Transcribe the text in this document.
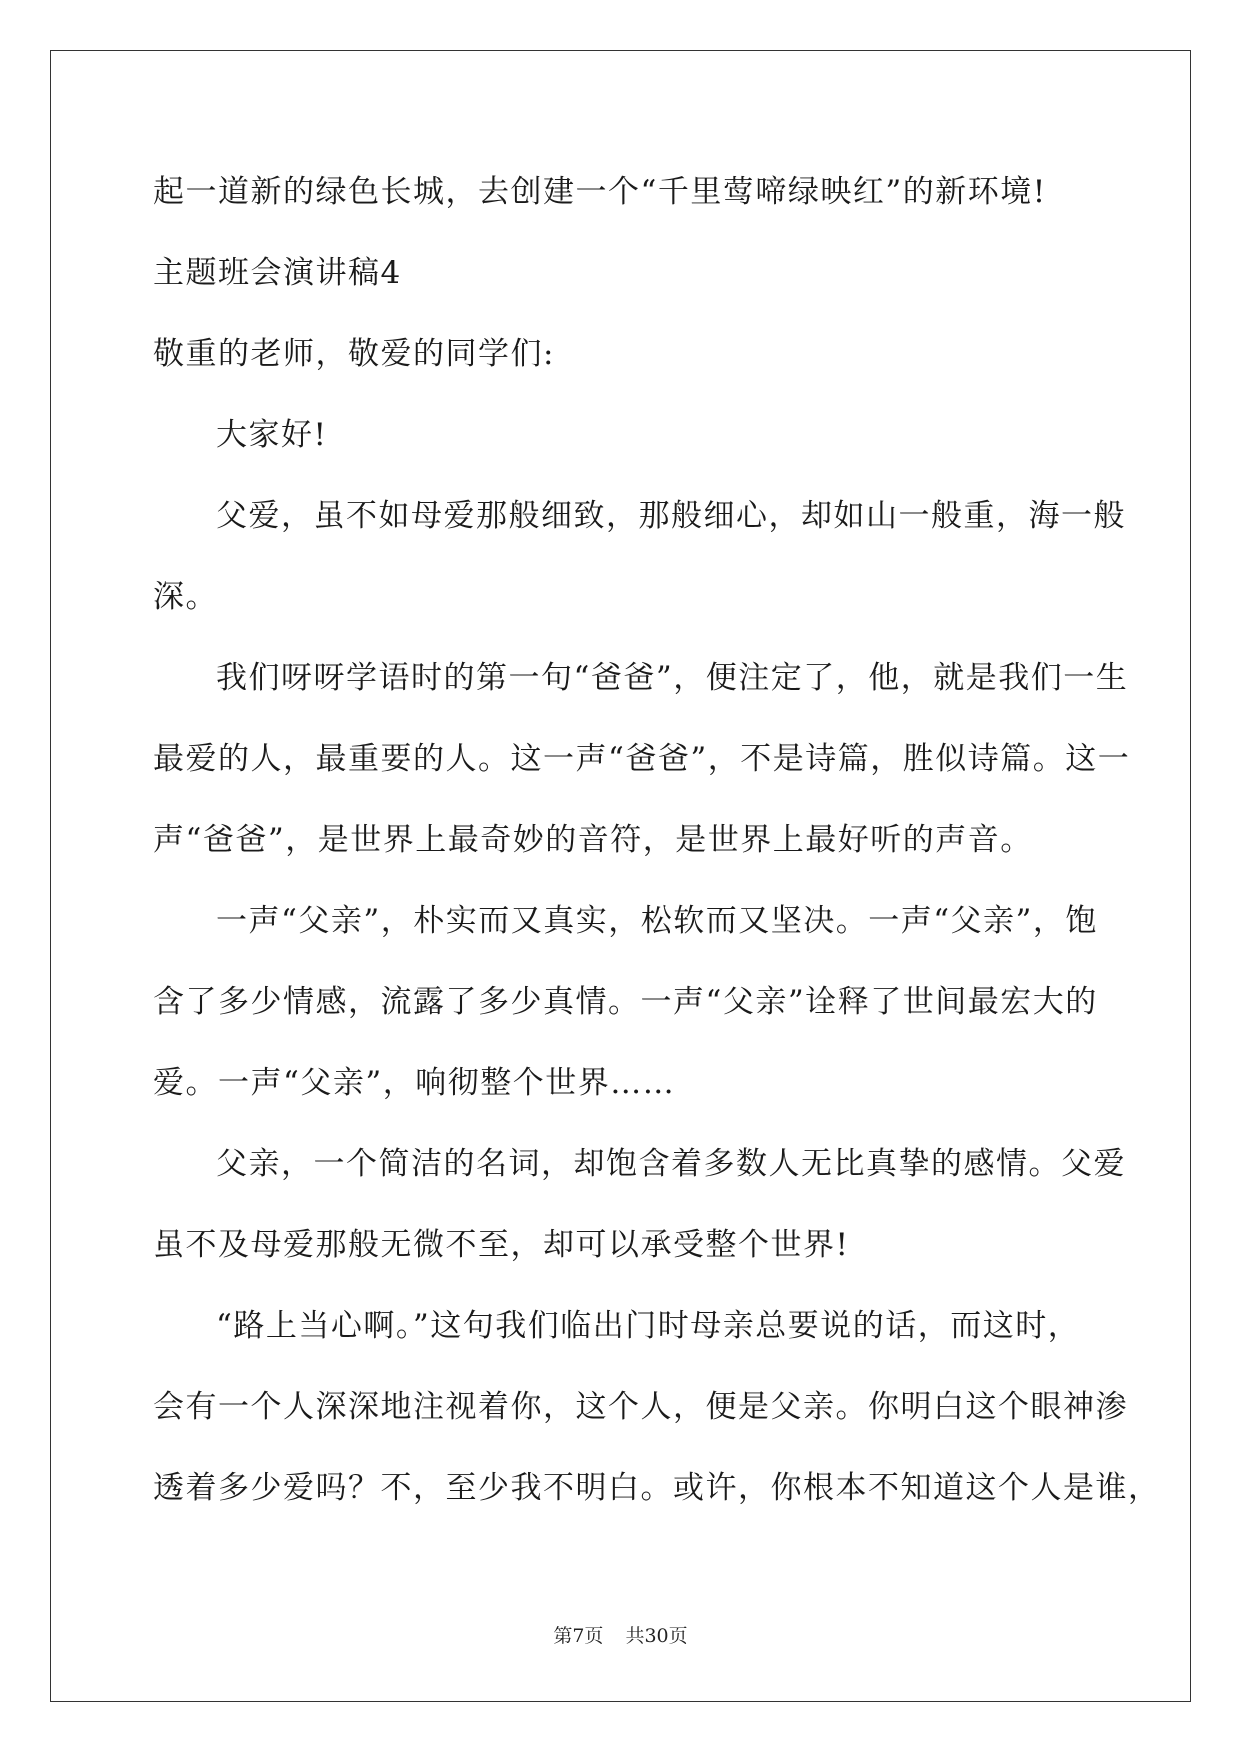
起一道新的绿色长城，去创建一个“千里莺啼绿映红”的新环境!
主题班会演讲稿4
敬重的老师，敬爱的同学们:
大家好!
父爱，虽不如母爱那般细致，那般细心，却如山一般重，海一般
深。
我们呀呀学语时的第一句“爸爸”，便注定了，他，就是我们一生
最爱的人，最重要的人。这一声“爸爸”，不是诗篇，胜似诗篇。这一
声“爸爸”，是世界上最奇妙的音符，是世界上最好听的声音。
一声“父亲”，朴实而又真实，松软而又坚决。一声“父亲”，饱
含了多少情感，流露了多少真情。一声“父亲”诠释了世间最宏大的
爱。一声“父亲”，响彻整个世界……
父亲，一个简洁的名词，却饱含着多数人无比真挚的感情。父爱
虽不及母爱那般无微不至，却可以承受整个世界!
“路上当心啊。”这句我们临出门时母亲总要说的话，而这时，
会有一个人深深地注视着你，这个人，便是父亲。你明白这个眼神渗
透着多少爱吗？不，至少我不明白。或许，你根本不知道这个人是谁，
第7页 共30页
